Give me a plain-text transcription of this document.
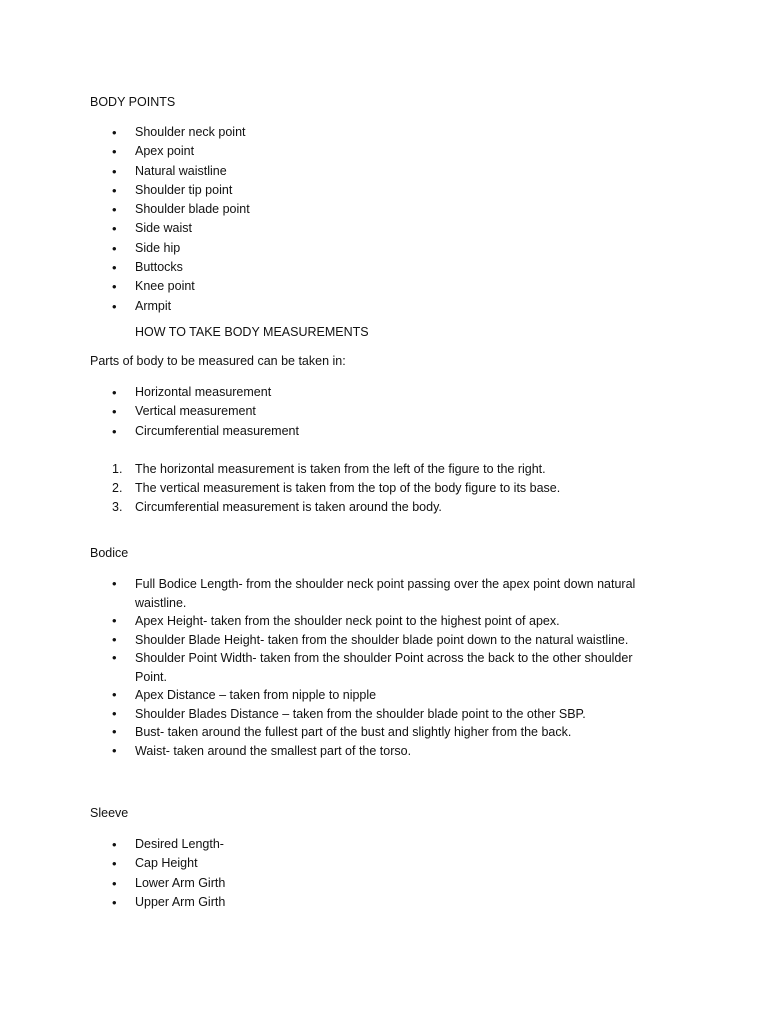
BODY POINTS
• Shoulder neck point
• Apex point
• Natural waistline
• Shoulder tip point
• Shoulder blade point
• Side waist
• Side hip
• Buttocks
• Knee point
• Armpit
HOW TO TAKE BODY MEASUREMENTS
Parts of body to be measured can be taken in:
• Horizontal measurement
• Vertical measurement
• Circumferential measurement
1. The horizontal measurement is taken from the left of the figure to the right.
2. The vertical measurement is taken from the top of the body figure to its base.
3. Circumferential measurement is taken around the body.
Bodice
• Full Bodice Length- from the shoulder neck point passing over the apex point down natural waistline.
• Apex Height- taken from the shoulder neck point to the highest point of apex.
• Shoulder Blade Height- taken from the shoulder blade point down to the natural waistline.
• Shoulder Point Width- taken from the shoulder Point across the back to the other shoulder Point.
• Apex Distance – taken from nipple to nipple
• Shoulder Blades Distance – taken from the shoulder blade point to the other SBP.
• Bust- taken around the fullest part of the bust and slightly higher from the back.
• Waist- taken around the smallest part of the torso.
Sleeve
• Desired Length-
• Cap Height
• Lower Arm Girth
• Upper Arm Girth
